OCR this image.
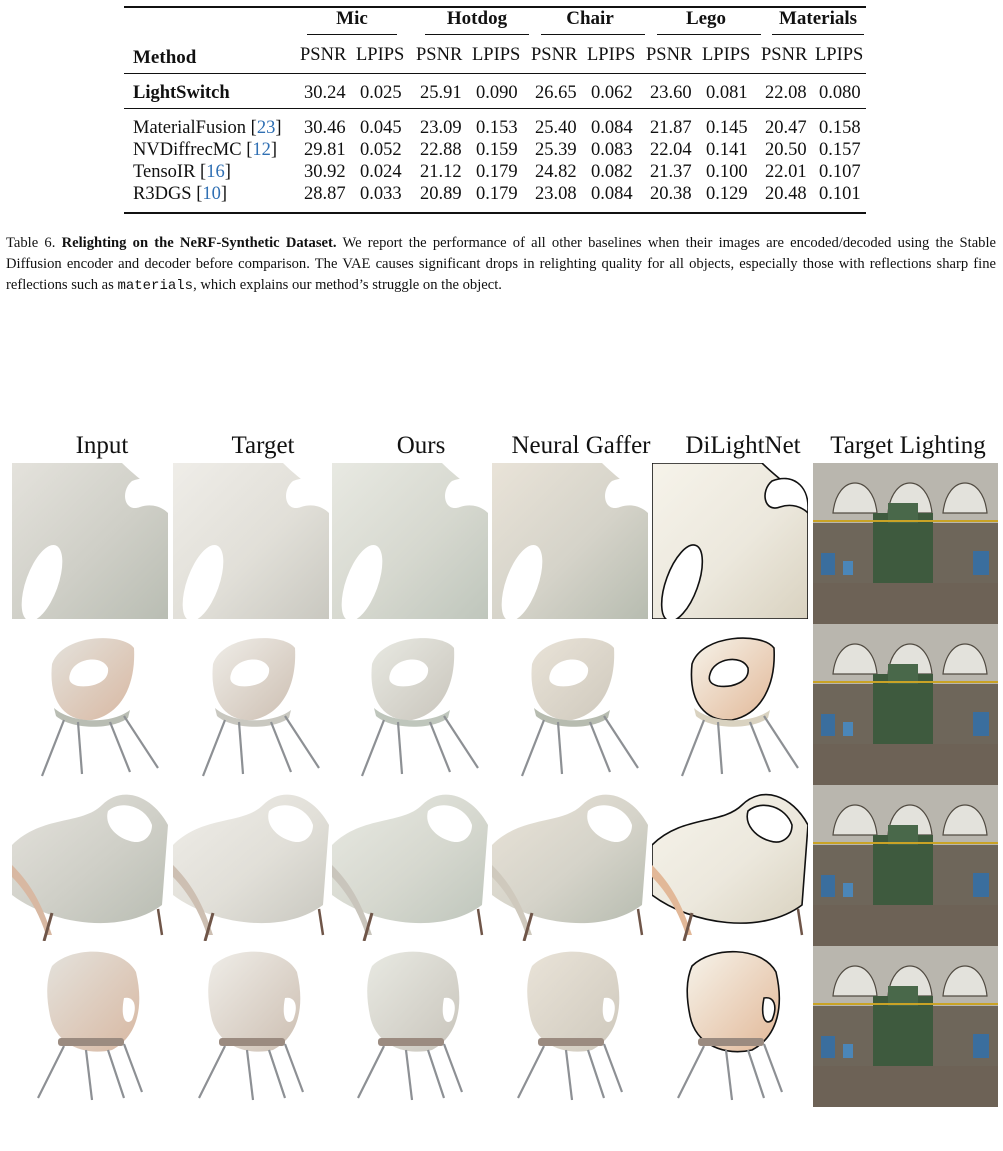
Mic	Hotdog	Chair	Lego	Materials
Method	PSNR LPIPS PSNR LPIPS PSNR LPIPS PSNR LPIPS PSNR LPIPS
LightSwitch	30.24 0.025 25.91 0.090 26.65 0.062 23.60 0.081 22.08 0.080
MaterialFusion [23] 30.46 0.045 23.09 0.153 25.40 0.084 21.87 0.145 20.47 0.158
NVDiffrecMC [12] 29.81 0.052 22.88 0.159 25.39 0.083 22.04 0.141 20.50 0.157
TensoIR [16]	30.92 0.024 21.12 0.179 24.82 0.082 21.37 0.100 22.01 0.107
R3DGS [10]	28.87 0.033 20.89 0.179 23.08 0.084 20.38 0.129 20.48 0.101
Table 6. Relighting on the NeRF-Synthetic Dataset. We report the performance of all other baselines when their images are encoded/decoded using the Stable Diffusion encoder and decoder before comparison. The VAE causes significant drops in relighting quality for all objects, especially those with reflections sharp fine reflections such as materials, which explains our method’s struggle on the object.
Input	Target	Ours	Neural Gaffer	DiLightNet	Target Lighting
